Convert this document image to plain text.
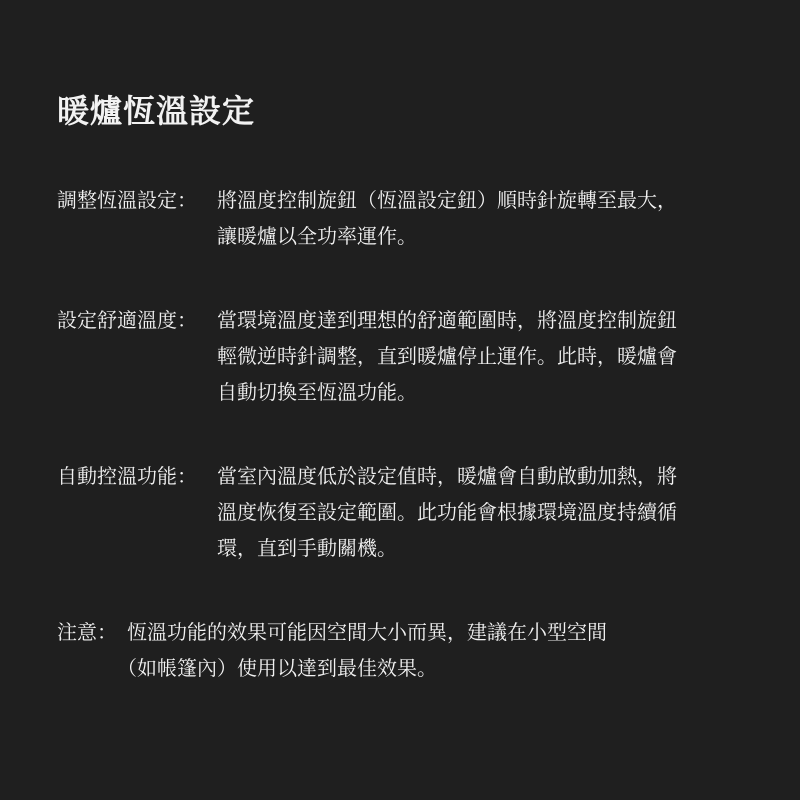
暖爐恆溫設定
調整恆溫設定：	將溫度控制旋鈕（恆溫設定鈕）順時針旋轉至最大，
讓暖爐以全功率運作。
設定舒適溫度：	當環境溫度達到理想的舒適範圍時，將溫度控制旋鈕
輕微逆時針調整，直到暖爐停止運作。此時，暖爐會
自動切換至恆溫功能。
自動控溫功能：	當室內溫度低於設定值時，暖爐會自動啟動加熱，將
溫度恢復至設定範圍。此功能會根據環境溫度持續循
環，直到手動關機。
注意： 恆溫功能的效果可能因空間大小而異，建議在小型空間
（如帳篷內）使用以達到最佳效果。
